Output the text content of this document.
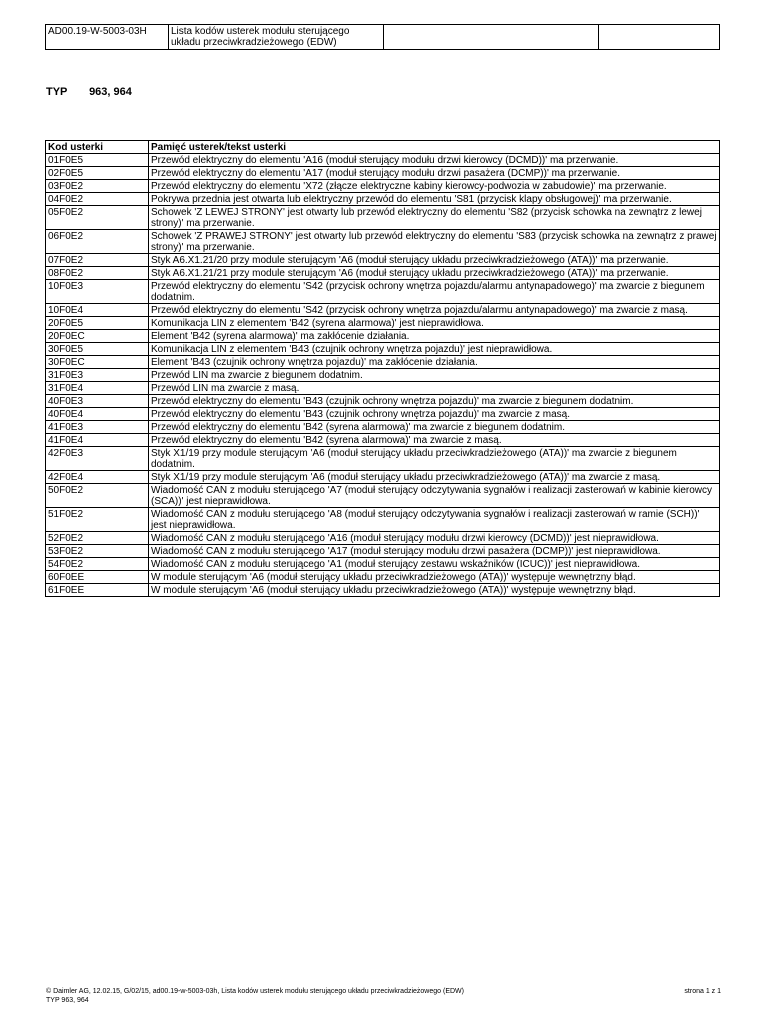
AD00.19-W-5003-03H	Lista kodów usterek modułu sterującego
układu przeciwkradzieżowego (EDW)

TYP 963, 964
Kod usterki	Pamięć usterek/tekst usterki
01F0E5	Przewód elektryczny do elementu 'A16 (moduł sterujący modułu drzwi kierowcy (DCMD))' ma przerwanie.
02F0E5	Przewód elektryczny do elementu 'A17 (moduł sterujący modułu drzwi pasażera (DCMP))' ma przerwanie.
03F0E2	Przewód elektryczny do elementu 'X72 (złącze elektryczne kabiny kierowcy-podwozia w zabudowie)' ma przerwanie.
04F0E2	Pokrywa przednia jest otwarta lub elektryczny przewód do elementu 'S81 (przycisk klapy obsługowej)' ma przerwanie.
05F0E2	Schowek 'Z LEWEJ STRONY' jest otwarty lub przewód elektryczny do elementu 'S82 (przycisk schowka na zewnątrz z lewej strony)' ma przerwanie.
06F0E2	Schowek 'Z PRAWEJ STRONY' jest otwarty lub przewód elektryczny do elementu 'S83 (przycisk schowka na zewnątrz z prawej strony)' ma przerwanie.
07F0E2	Styk A6.X1.21/20 przy module sterującym 'A6 (moduł sterujący układu przeciwkradzieżowego (ATA))' ma przerwanie.
08F0E2	Styk A6.X1.21/21 przy module sterującym 'A6 (moduł sterujący układu przeciwkradzieżowego (ATA))' ma przerwanie.
10F0E3	Przewód elektryczny do elementu 'S42 (przycisk ochrony wnętrza pojazdu/alarmu antynapadowego)' ma zwarcie z biegunem dodatnim.
10F0E4	Przewód elektryczny do elementu 'S42 (przycisk ochrony wnętrza pojazdu/alarmu antynapadowego)' ma zwarcie z masą.
20F0E5	Komunikacja LIN z elementem 'B42 (syrena alarmowa)' jest nieprawidłowa.
20F0EC	Element 'B42 (syrena alarmowa)' ma zakłócenie działania.
30F0E5	Komunikacja LIN z elementem 'B43 (czujnik ochrony wnętrza pojazdu)' jest nieprawidłowa.
30F0EC	Element 'B43 (czujnik ochrony wnętrza pojazdu)' ma zakłócenie działania.
31F0E3	Przewód LIN ma zwarcie z biegunem dodatnim.
31F0E4	Przewód LIN ma zwarcie z masą.
40F0E3	Przewód elektryczny do elementu 'B43 (czujnik ochrony wnętrza pojazdu)' ma zwarcie z biegunem dodatnim.
40F0E4	Przewód elektryczny do elementu 'B43 (czujnik ochrony wnętrza pojazdu)' ma zwarcie z masą.
41F0E3	Przewód elektryczny do elementu 'B42 (syrena alarmowa)' ma zwarcie z biegunem dodatnim.
41F0E4	Przewód elektryczny do elementu 'B42 (syrena alarmowa)' ma zwarcie z masą.
42F0E3	Styk X1/19 przy module sterującym 'A6 (moduł sterujący układu przeciwkradzieżowego (ATA))' ma zwarcie z biegunem dodatnim.
42F0E4	Styk X1/19 przy module sterującym 'A6 (moduł sterujący układu przeciwkradzieżowego (ATA))' ma zwarcie z masą.
50F0E2	Wiadomość CAN z modułu sterującego 'A7 (moduł sterujący odczytywania sygnałów i realizacji zasterowań w kabinie kierowcy (SCA))' jest nieprawidłowa.
51F0E2	Wiadomość CAN z modułu sterującego 'A8 (moduł sterujący odczytywania sygnałów i realizacji zasterowań w ramie (SCH))' jest nieprawidłowa.
52F0E2	Wiadomość CAN z modułu sterującego 'A16 (moduł sterujący modułu drzwi kierowcy (DCMD))' jest nieprawidłowa.
53F0E2	Wiadomość CAN z modułu sterującego 'A17 (moduł sterujący modułu drzwi pasażera (DCMP))' jest nieprawidłowa.
54F0E2	Wiadomość CAN z modułu sterującego 'A1 (moduł sterujący zestawu wskaźników (ICUC))' jest nieprawidłowa.
60F0EE	W module sterującym 'A6 (moduł sterujący układu przeciwkradzieżowego (ATA))' występuje wewnętrzny błąd.
61F0EE	W module sterującym 'A6 (moduł sterujący układu przeciwkradzieżowego (ATA))' występuje wewnętrzny błąd.
© Daimler AG, 12.02.15, G/02/15, ad00.19-w-5003-03h, Lista kodów usterek modułu sterującego układu przeciwkradzieżowego (EDW)
TYP 963, 964
strona 1 z 1
